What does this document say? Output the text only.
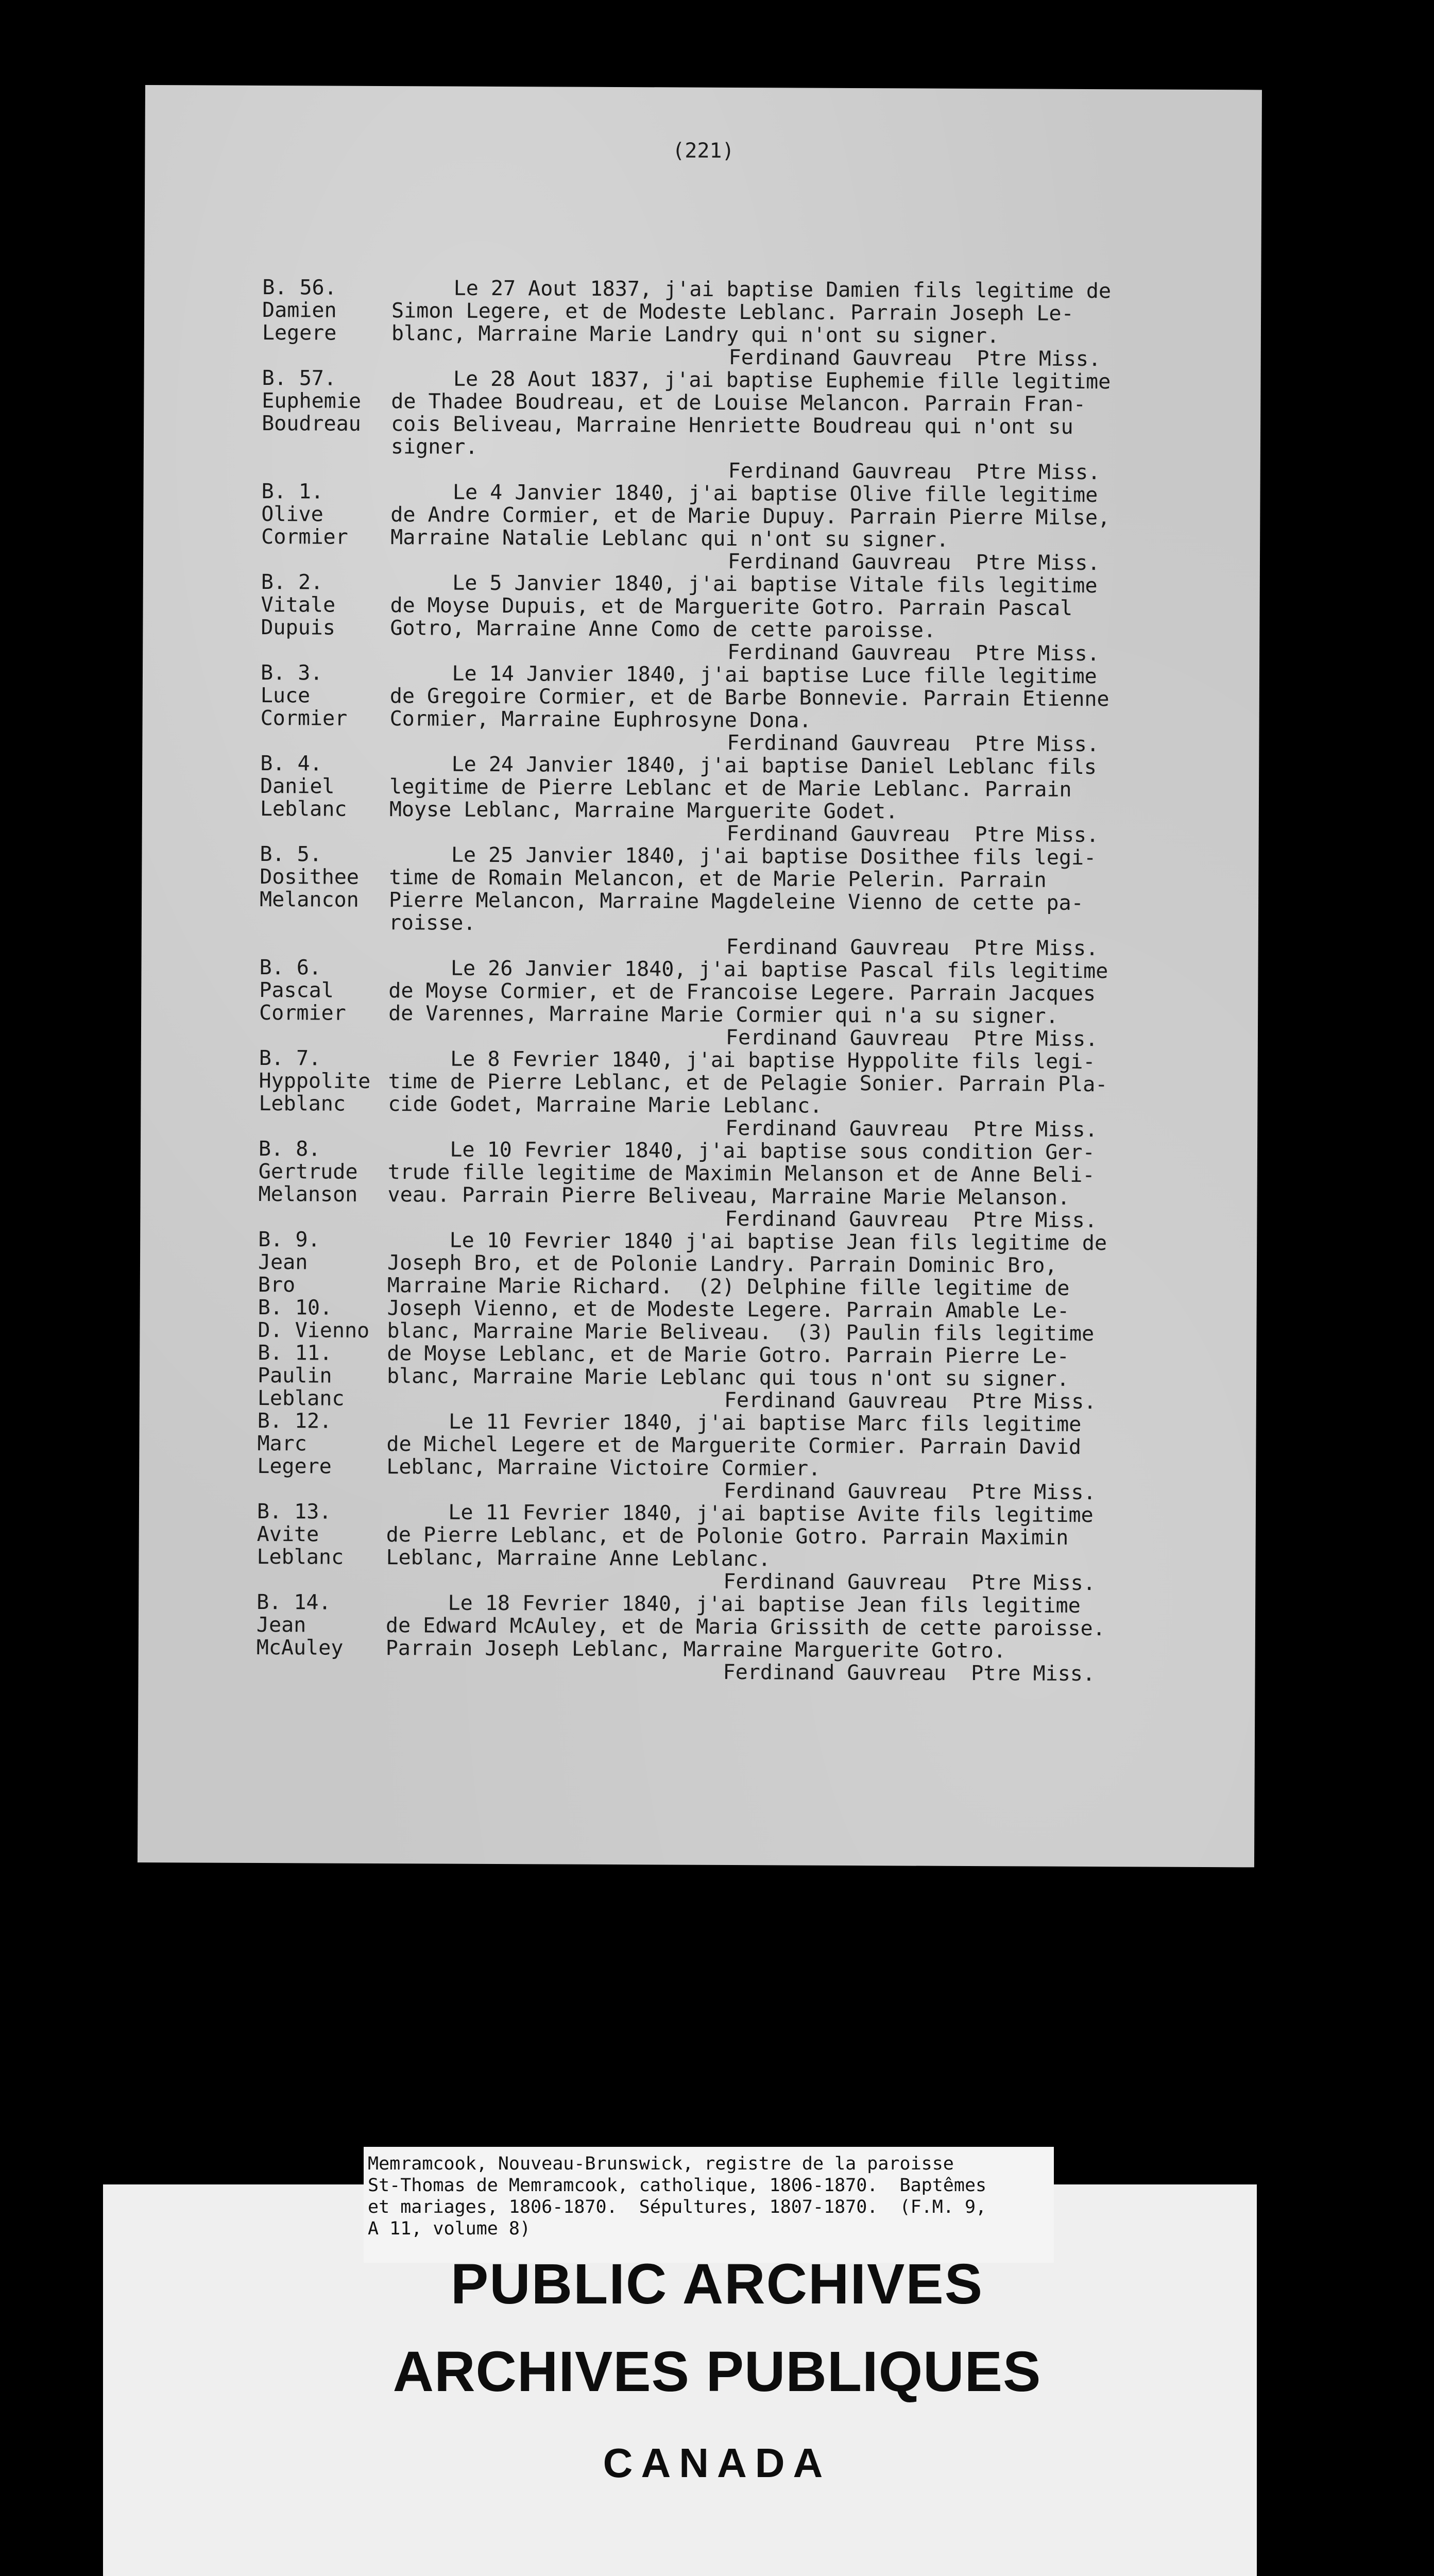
(221)
B. 56.
Damien
Legere
Le 27 Aout 1837, j'ai baptise Damien fils legitime de
Simon Legere, et de Modeste Leblanc. Parrain Joseph Le-
blanc, Marraine Marie Landry qui n'ont su signer.
Ferdinand Gauvreau  Ptre Miss.
B. 57.
Euphemie
Boudreau
Le 28 Aout 1837, j'ai baptise Euphemie fille legitime
de Thadee Boudreau, et de Louise Melancon. Parrain Fran-
cois Beliveau, Marraine Henriette Boudreau qui n'ont su
signer.
Ferdinand Gauvreau  Ptre Miss.
B. 1.
Olive
Cormier
Le 4 Janvier 1840, j'ai baptise Olive fille legitime
de Andre Cormier, et de Marie Dupuy. Parrain Pierre Milse,
Marraine Natalie Leblanc qui n'ont su signer.
Ferdinand Gauvreau  Ptre Miss.
B. 2.
Vitale
Dupuis
Le 5 Janvier 1840, j'ai baptise Vitale fils legitime
de Moyse Dupuis, et de Marguerite Gotro. Parrain Pascal
Gotro, Marraine Anne Como de cette paroisse.
Ferdinand Gauvreau  Ptre Miss.
B. 3.
Luce
Cormier
Le 14 Janvier 1840, j'ai baptise Luce fille legitime
de Gregoire Cormier, et de Barbe Bonnevie. Parrain Etienne
Cormier, Marraine Euphrosyne Dona.
Ferdinand Gauvreau  Ptre Miss.
B. 4.
Daniel
Leblanc
Le 24 Janvier 1840, j'ai baptise Daniel Leblanc fils
legitime de Pierre Leblanc et de Marie Leblanc. Parrain
Moyse Leblanc, Marraine Marguerite Godet.
Ferdinand Gauvreau  Ptre Miss.
B. 5.
Dosithee
Melancon
Le 25 Janvier 1840, j'ai baptise Dosithee fils legi-
time de Romain Melancon, et de Marie Pelerin. Parrain
Pierre Melancon, Marraine Magdeleine Vienno de cette pa-
roisse.
Ferdinand Gauvreau  Ptre Miss.
B. 6.
Pascal
Cormier
Le 26 Janvier 1840, j'ai baptise Pascal fils legitime
de Moyse Cormier, et de Francoise Legere. Parrain Jacques
de Varennes, Marraine Marie Cormier qui n'a su signer.
Ferdinand Gauvreau  Ptre Miss.
B. 7.
Hyppolite
Leblanc
Le 8 Fevrier 1840, j'ai baptise Hyppolite fils legi-
time de Pierre Leblanc, et de Pelagie Sonier. Parrain Pla-
cide Godet, Marraine Marie Leblanc.
Ferdinand Gauvreau  Ptre Miss.
B. 8.
Gertrude
Melanson
Le 10 Fevrier 1840, j'ai baptise sous condition Ger-
trude fille legitime de Maximin Melanson et de Anne Beli-
veau. Parrain Pierre Beliveau, Marraine Marie Melanson.
Ferdinand Gauvreau  Ptre Miss.
B. 9.
Jean
Bro
B. 10.
D. Vienno
B. 11.
Paulin
Leblanc
Le 10 Fevrier 1840 j'ai baptise Jean fils legitime de
Joseph Bro, et de Polonie Landry. Parrain Dominic Bro,
Marraine Marie Richard.  (2) Delphine fille legitime de
Joseph Vienno, et de Modeste Legere. Parrain Amable Le-
blanc, Marraine Marie Beliveau.  (3) Paulin fils legitime
de Moyse Leblanc, et de Marie Gotro. Parrain Pierre Le-
blanc, Marraine Marie Leblanc qui tous n'ont su signer.
Ferdinand Gauvreau  Ptre Miss.
B. 12.
Marc
Legere
Le 11 Fevrier 1840, j'ai baptise Marc fils legitime
de Michel Legere et de Marguerite Cormier. Parrain David
Leblanc, Marraine Victoire Cormier.
Ferdinand Gauvreau  Ptre Miss.
B. 13.
Avite
Leblanc
Le 11 Fevrier 1840, j'ai baptise Avite fils legitime
de Pierre Leblanc, et de Polonie Gotro. Parrain Maximin
Leblanc, Marraine Anne Leblanc.
Ferdinand Gauvreau  Ptre Miss.
B. 14.
Jean
McAuley
Le 18 Fevrier 1840, j'ai baptise Jean fils legitime
de Edward McAuley, et de Maria Grissith de cette paroisse.
Parrain Joseph Leblanc, Marraine Marguerite Gotro.
Ferdinand Gauvreau  Ptre Miss.
Memramcook, Nouveau-Brunswick, registre de la paroisse
St-Thomas de Memramcook, catholique, 1806-1870.  Baptêmes
et mariages, 1806-1870.  Sépultures, 1807-1870.  (F.M. 9,
A 11, volume 8)
PUBLIC ARCHIVES
ARCHIVES PUBLIQUES
CANADA
